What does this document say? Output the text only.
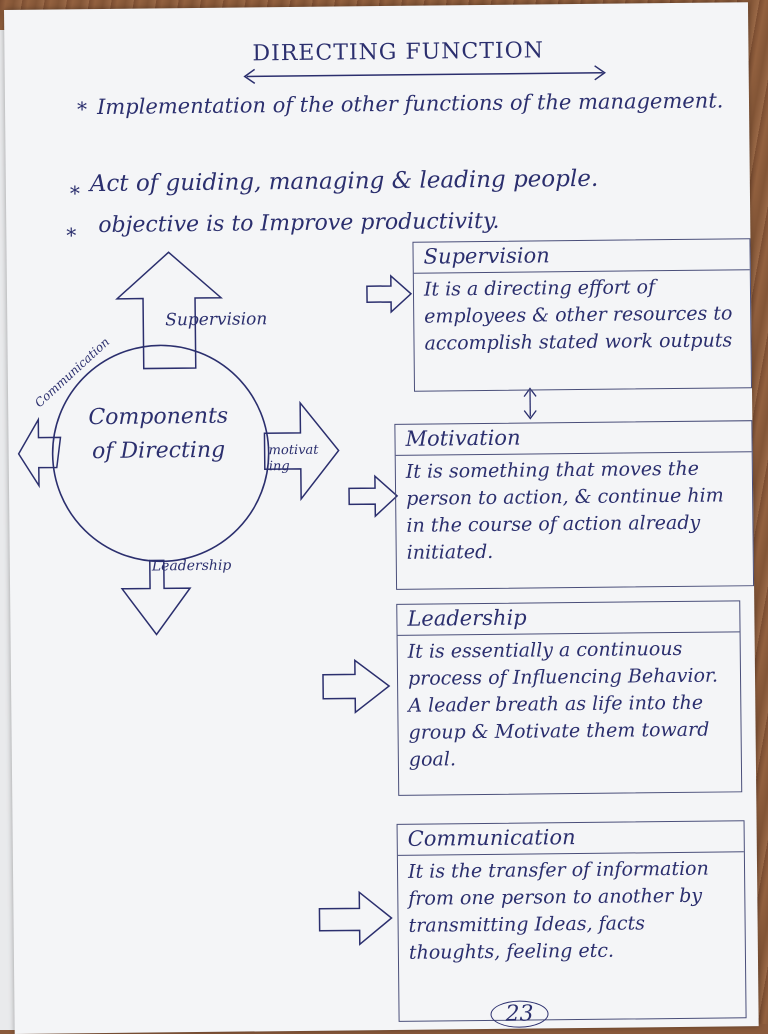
DIRECTING FUNCTION
* Implementation of the other functions of the management.
* Act of guiding, managing & leading people.
* objective is to Improve productivity.
Supervision
motivating
Leadership
Communication
Components of Directing
Supervision
It is a directing effort of employees & other resources to accomplish stated work outputs
Motivation
It is something that moves the person to action, & continue him in the course of action already initiated.
Leadership
It is essentially a continuous process of Influencing Behavior. A leader breath as life into the group & Motivate them toward goal.
Communication
It is the transfer of information from one person to another by transmitting Ideas, facts thoughts, feeling etc.
23
